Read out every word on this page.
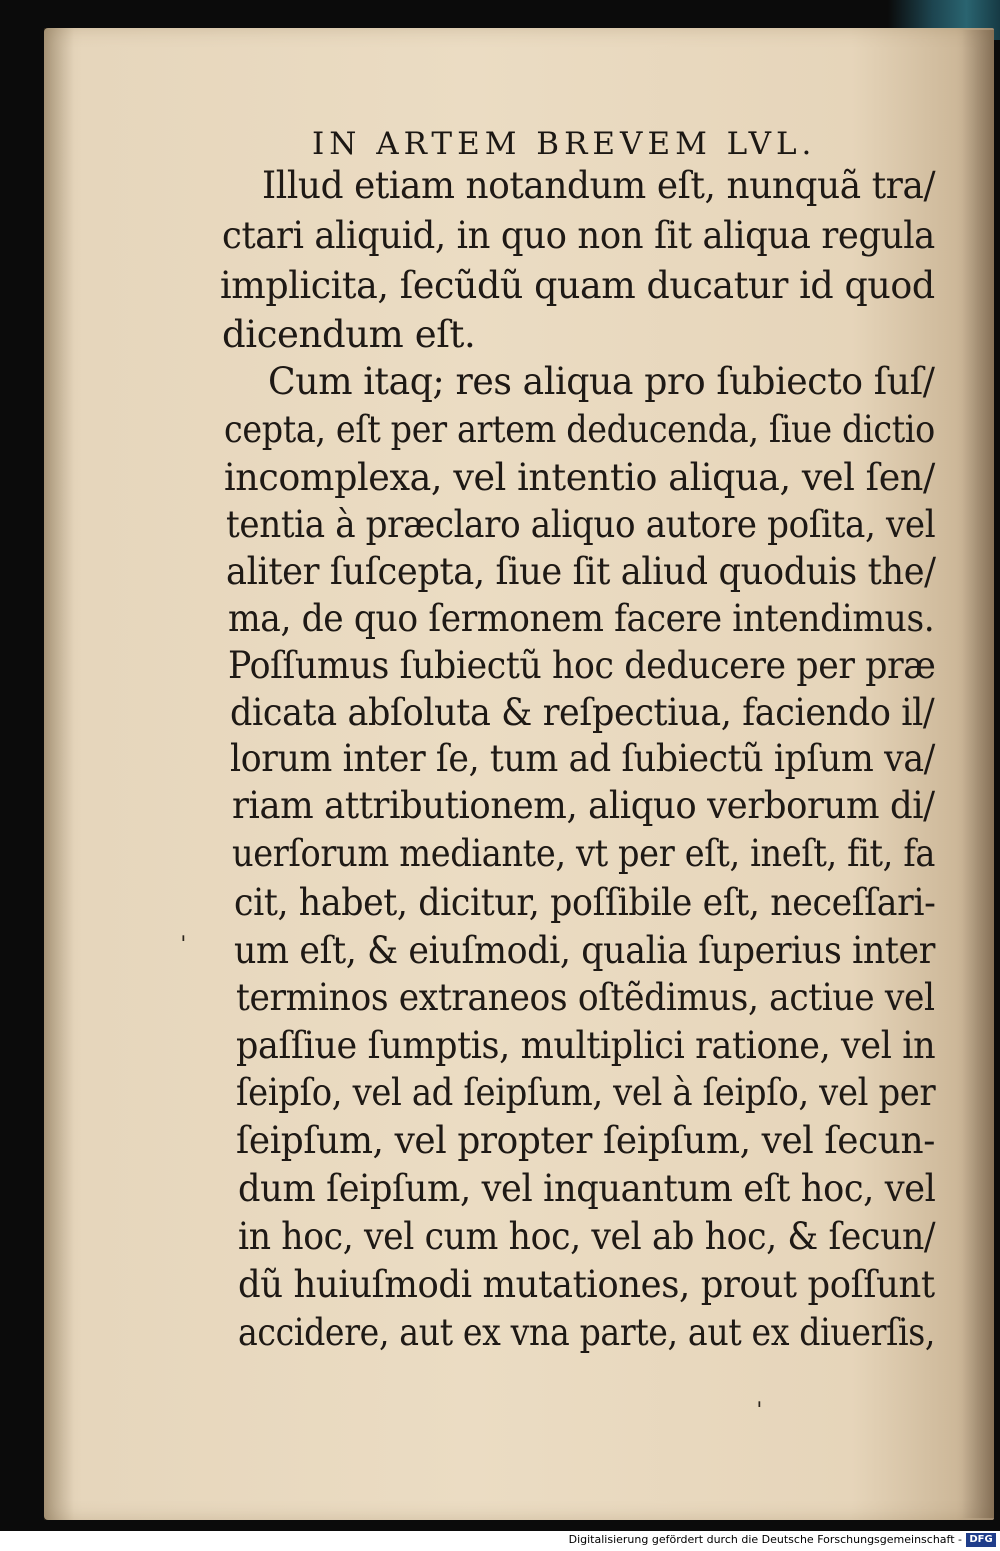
IN ARTEM BREVEM LVL.
Illud etiam notandum eſt, nunquã tra/
ctari aliquid, in quo non ſit aliqua regula
implicita, ſecũdũ quam ducatur id quod
dicendum eſt.
Cum itaq; res aliqua pro ſubiecto ſuſ/
cepta, eſt per artem deducenda, ſiue dictio
incomplexa, vel intentio aliqua, vel ſen/
tentia à præclaro aliquo autore poſita, vel
aliter ſuſcepta, ſiue ſit aliud quoduis the/
ma, de quo ſermonem facere intendimus.
Poſſumus ſubiectũ hoc deducere per præ
dicata abſoluta & reſpectiua, faciendo il/
lorum inter ſe, tum ad ſubiectũ ipſum va/
riam attributionem, aliquo verborum di/
uerſorum mediante, vt per eſt, ineſt, fit, fa
cit, habet, dicitur, poſſibile eſt, neceſſari-
um eſt, & eiuſmodi, qualia ſuperius inter
terminos extraneos oſtẽdimus, actiue vel
paſſiue ſumptis, multiplici ratione, vel in
ſeipſo, vel ad ſeipſum, vel à ſeipſo, vel per
ſeipſum, vel propter ſeipſum, vel ſecun-
dum ſeipſum, vel inquantum eſt hoc, vel
in hoc, vel cum hoc, vel ab hoc, & ſecun/
dũ huiuſmodi mutationes, prout poſſunt
accidere, aut ex vna parte, aut ex diuerſis,
ˈ
ˈ
Digitalisierung gefördert durch die Deutsche Forschungsgemeinschaft - DFG
